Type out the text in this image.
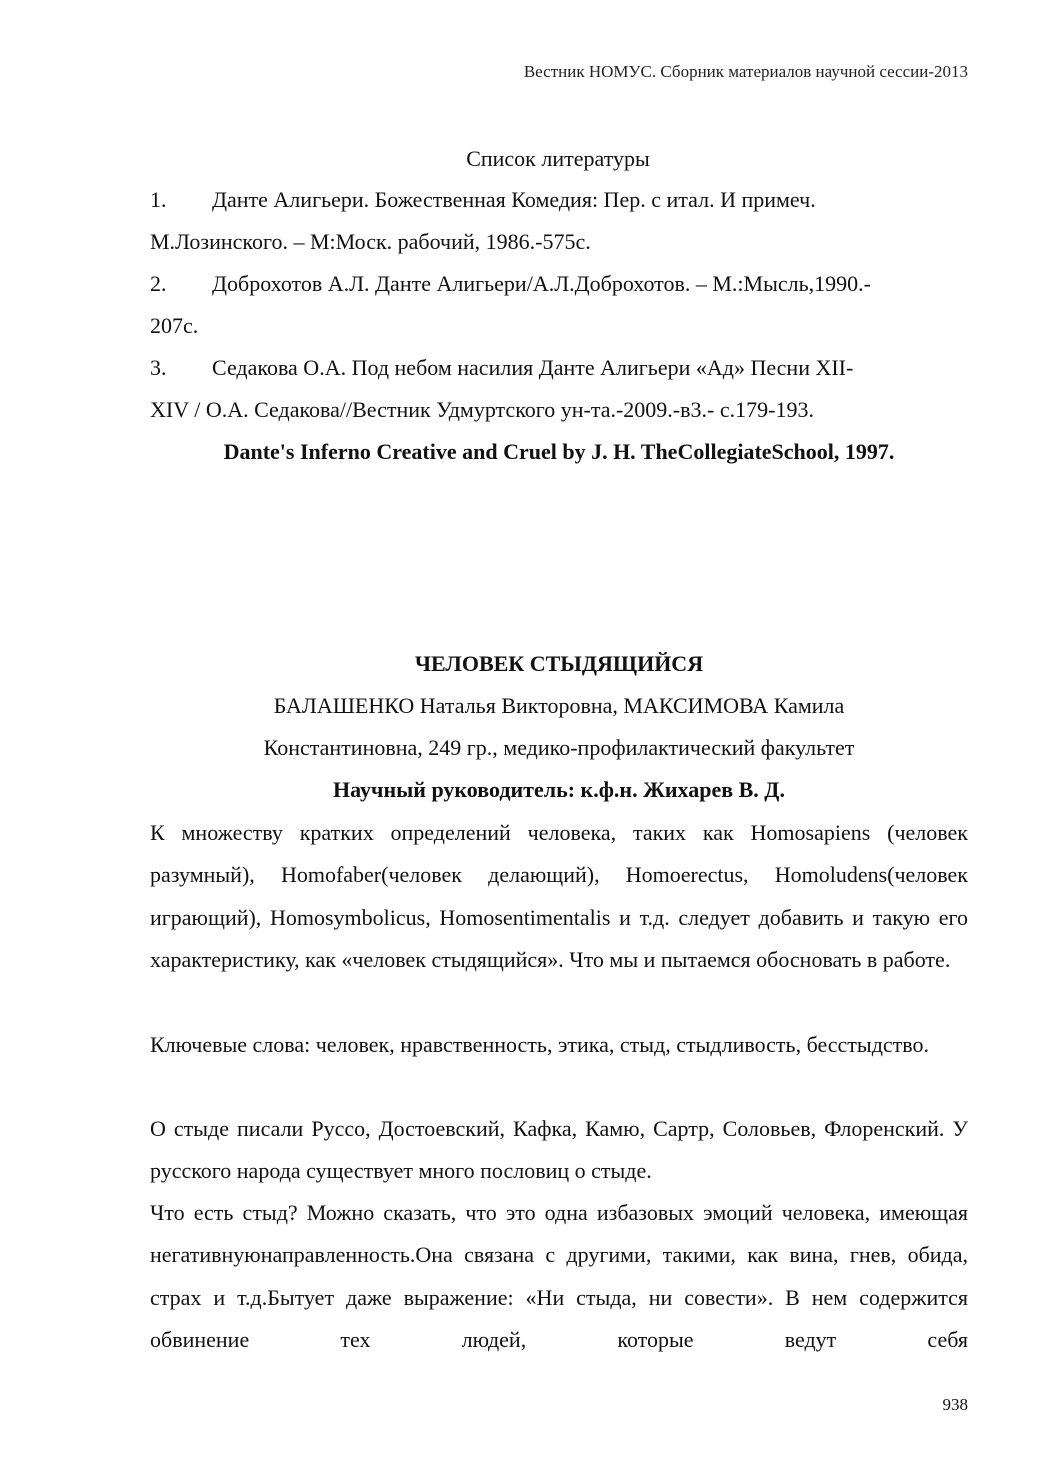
Вестник НОМУС. Сборник материалов научной сессии-2013
Список литературы
1. Данте Алигьери. Божественная Комедия: Пер. с итал. И примеч.
М.Лозинского. – М:Моск. рабочий, 1986.-575с.
2. Доброхотов А.Л. Данте Алигьери/А.Л.Доброхотов. – М.:Мысль,1990.-
207с.
3. Седакова О.А. Под небом насилия Данте Алигьери «Ад» Песни XII-
XIV / О.А. Седакова//Вестник Удмуртского ун-та.-2009.-в3.- с.179-193.
Dante's Inferno Creative and Cruel by J. H. TheCollegiateSchool, 1997.
ЧЕЛОВЕК СТЫДЯЩИЙСЯ
БАЛАШЕНКО Наталья Викторовна, МАКСИМОВА Камила
Константиновна, 249 гр., медико-профилактический факультет
Научный руководитель: к.ф.н. Жихарев В. Д.
К множеству кратких определений человека, таких как Homosapiens (человек разумный), Homofaber(человек делающий), Homoerectus, Homoludens(человек играющий), Homosymbolicus, Homosentimentalis и т.д. следует добавить и такую его характеристику, как «человек стыдящийся». Что мы и пытаемся обосновать в работе.
Ключевые слова: человек, нравственность, этика, стыд, стыдливость, бесстыдство.
О стыде писали Руссо, Достоевский, Кафка, Камю, Сартр, Соловьев, Флоренский. У русского народа существует много пословиц о стыде.
Что есть стыд? Можно сказать, что это одна избазовых эмоций человека, имеющая негативнуюнаправленность.Она связана с другими, такими, как вина, гнев, обида, страх и т.д.Бытует даже выражение: «Ни стыда, ни совести». В нем содержится обвинение тех людей, которые ведут себя
938
